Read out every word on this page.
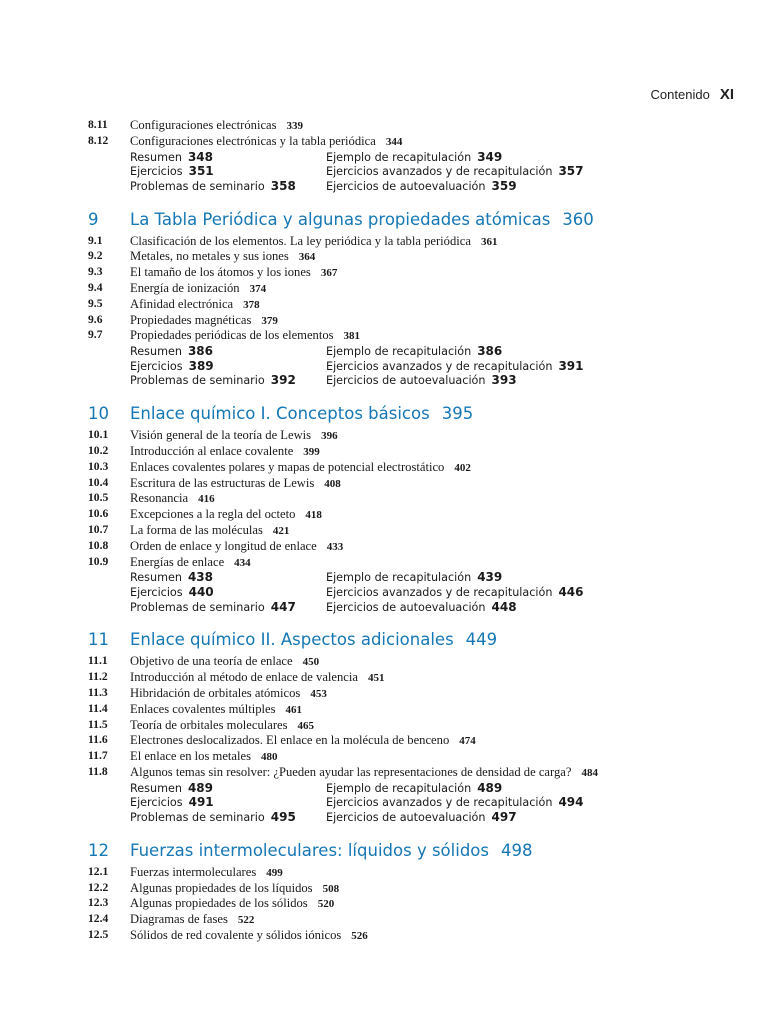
Contenido XI
8.11 Configuraciones electrónicas 339
8.12 Configuraciones electrónicas y la tabla periódica 344
Resumen 348	Ejemplo de recapitulación 349
Ejercicios 351	Ejercicios avanzados y de recapitulación 357
Problemas de seminario 358	Ejercicios de autoevaluación 359
9 La Tabla Periódica y algunas propiedades atómicas 360
9.1 Clasificación de los elementos. La ley periódica y la tabla periódica 361
9.2 Metales, no metales y sus iones 364
9.3 El tamaño de los átomos y los iones 367
9.4 Energía de ionización 374
9.5 Afinidad electrónica 378
9.6 Propiedades magnéticas 379
9.7 Propiedades periódicas de los elementos 381
Resumen 386	Ejemplo de recapitulación 386
Ejercicios 389	Ejercicios avanzados y de recapitulación 391
Problemas de seminario 392	Ejercicios de autoevaluación 393
10 Enlace químico I. Conceptos básicos 395
10.1 Visión general de la teoría de Lewis 396
10.2 Introducción al enlace covalente 399
10.3 Enlaces covalentes polares y mapas de potencial electrostático 402
10.4 Escritura de las estructuras de Lewis 408
10.5 Resonancia 416
10.6 Excepciones a la regla del octeto 418
10.7 La forma de las moléculas 421
10.8 Orden de enlace y longitud de enlace 433
10.9 Energías de enlace 434
Resumen 438	Ejemplo de recapitulación 439
Ejercicios 440	Ejercicios avanzados y de recapitulación 446
Problemas de seminario 447	Ejercicios de autoevaluación 448
11 Enlace químico II. Aspectos adicionales 449
11.1 Objetivo de una teoría de enlace 450
11.2 Introducción al método de enlace de valencia 451
11.3 Hibridación de orbitales atómicos 453
11.4 Enlaces covalentes múltiples 461
11.5 Teoría de orbitales moleculares 465
11.6 Electrones deslocalizados. El enlace en la molécula de benceno 474
11.7 El enlace en los metales 480
11.8 Algunos temas sin resolver: ¿Pueden ayudar las representaciones de densidad de carga? 484
Resumen 489	Ejemplo de recapitulación 489
Ejercicios 491	Ejercicios avanzados y de recapitulación 494
Problemas de seminario 495	Ejercicios de autoevaluación 497
12 Fuerzas intermoleculares: líquidos y sólidos 498
12.1 Fuerzas intermoleculares 499
12.2 Algunas propiedades de los líquidos 508
12.3 Algunas propiedades de los sólidos 520
12.4 Diagramas de fases 522
12.5 Sólidos de red covalente y sólidos iónicos 526
